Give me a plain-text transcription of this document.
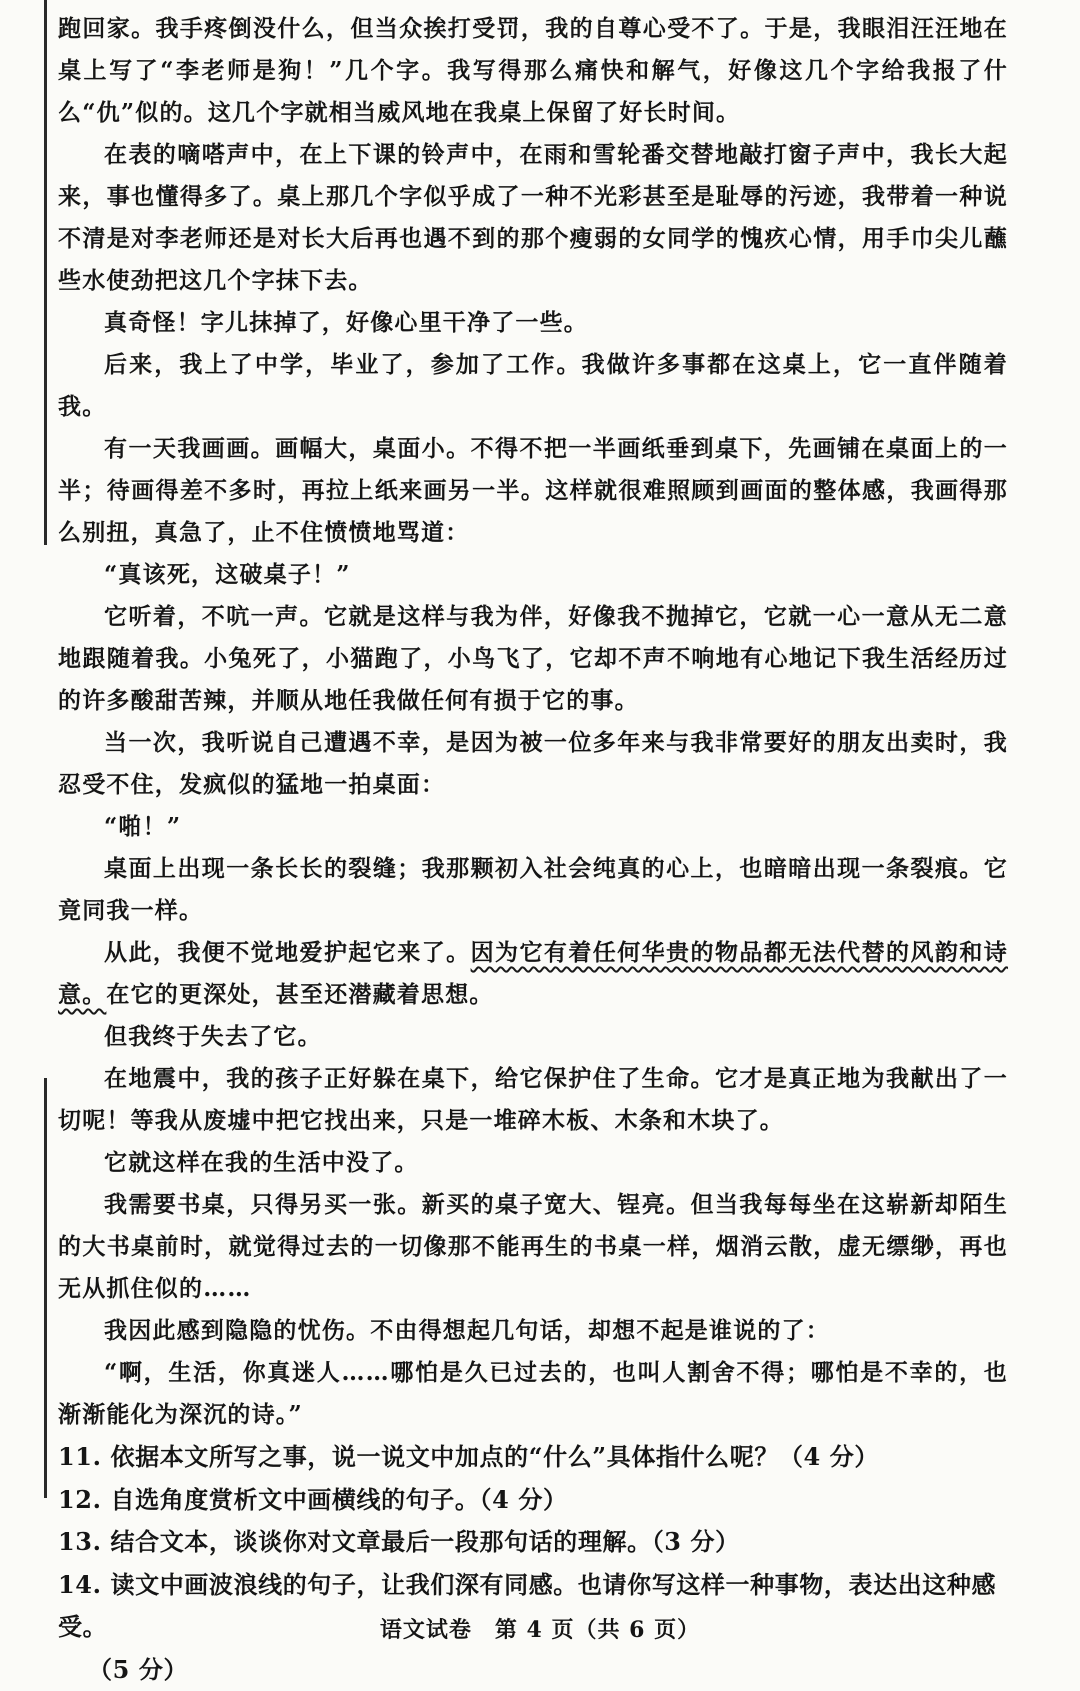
跑回家。我手疼倒没什么，但当众挨打受罚，我的自尊心受不了。于是，我眼泪汪汪地在桌上写了“李老师是狗！”几个字。我写得那么痛快和解气，好像这几个字给我报了什么“仇”似的。这几个字就相当威风地在我桌上保留了好长时间。

在表的嘀嗒声中，在上下课的铃声中，在雨和雪轮番交替地敲打窗子声中，我长大起来，事也懂得多了。桌上那几个字似乎成了一种不光彩甚至是耻辱的污迹，我带着一种说不清是对李老师还是对长大后再也遇不到的那个瘦弱的女同学的愧疚心情，用手巾尖儿蘸些水使劲把这几个字抹下去。

真奇怪！字儿抹掉了，好像心里干净了一些。

后来，我上了中学，毕业了，参加了工作。我做许多事都在这桌上，它一直伴随着我。

有一天我画画。画幅大，桌面小。不得不把一半画纸垂到桌下，先画铺在桌面上的一半；待画得差不多时，再拉上纸来画另一半。这样就很难照顾到画面的整体感，我画得那么别扭，真急了，止不住愤愤地骂道：

“真该死，这破桌子！”

它听着，不吭一声。它就是这样与我为伴，好像我不抛掉它，它就一心一意从无二意地跟随着我。小兔死了，小猫跑了，小鸟飞了，它却不声不响地有心地记下我生活经历过的许多酸甜苦辣，并顺从地任我做任何有损于它的事。

当一次，我听说自己遭遇不幸，是因为被一位多年来与我非常要好的朋友出卖时，我忍受不住，发疯似的猛地一拍桌面：

“啪！”

桌面上出现一条长长的裂缝；我那颗初入社会纯真的心上，也暗暗出现一条裂痕。它竟同我一样。

从此，我便不觉地爱护起它来了。因为它有着任何华贵的物品都无法代替的风韵和诗意。在它的更深处，甚至还潜藏着思想。

但我终于失去了它。

在地震中，我的孩子正好躲在桌下，给它保护住了生命。它才是真正地为我献出了一切呢！等我从废墟中把它找出来，只是一堆碎木板、木条和木块了。

它就这样在我的生活中没了。

我需要书桌，只得另买一张。新买的桌子宽大、锃亮。但当我每每坐在这崭新却陌生的大书桌前时，就觉得过去的一切像那不能再生的书桌一样，烟消云散，虚无缥缈，再也无从抓住似的……

我因此感到隐隐的忧伤。不由得想起几句话，却想不起是谁说的了：

“啊，生活，你真迷人……哪怕是久已过去的，也叫人割舍不得；哪怕是不幸的，也渐渐能化为深沉的诗。”

11. 依据本文所写之事，说一说文中加点的“什么”具体指什么呢？（4 分）

12. 自选角度赏析文中画横线的句子。（4 分）

13. 结合文本，谈谈你对文章最后一段那句话的理解。（3 分）

14. 读文中画波浪线的句子，让我们深有同感。也请你写这样一种事物，表达出这种感受。
（5 分）

语文试卷　第 4 页（共 6 页）
